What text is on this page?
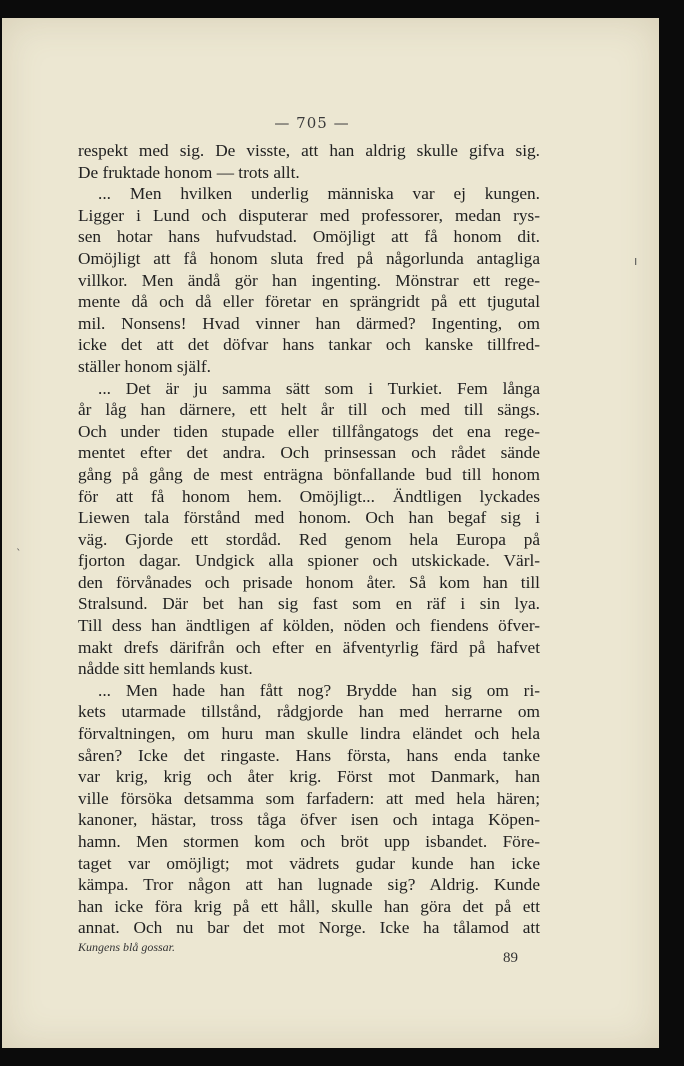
— 705 —
respekt med sig. De visste, att han aldrig skulle gifva sig.
De fruktade honom — trots allt.
... Men hvilken underlig människa var ej kungen.
Ligger i Lund och disputerar med professorer, medan rys-
sen hotar hans hufvudstad. Omöjligt att få honom dit.
Omöjligt att få honom sluta fred på någorlunda antagliga
villkor. Men ändå gör han ingenting. Mönstrar ett rege-
mente då och då eller företar en sprängridt på ett tjugutal
mil. Nonsens! Hvad vinner han därmed? Ingenting, om
icke det att det döfvar hans tankar och kanske tillfred-
ställer honom själf.
... Det är ju samma sätt som i Turkiet. Fem långa
år låg han därnere, ett helt år till och med till sängs.
Och under tiden stupade eller tillfångatogs det ena rege-
mentet efter det andra. Och prinsessan och rådet sände
gång på gång de mest enträgna bönfallande bud till honom
för att få honom hem. Omöjligt... Ändtligen lyckades
Liewen tala förstånd med honom. Och han begaf sig i
väg. Gjorde ett stordåd. Red genom hela Europa på
fjorton dagar. Undgick alla spioner och utskickade. Värl-
den förvånades och prisade honom åter. Så kom han till
Stralsund. Där bet han sig fast som en räf i sin lya.
Till dess han ändtligen af kölden, nöden och fiendens öfver-
makt drefs därifrån och efter en äfventyrlig färd på hafvet
nådde sitt hemlands kust.
... Men hade han fått nog? Brydde han sig om ri-
kets utarmade tillstånd, rådgjorde han med herrarne om
förvaltningen, om huru man skulle lindra eländet och hela
såren? Icke det ringaste. Hans första, hans enda tanke
var krig, krig och åter krig. Först mot Danmark, han
ville försöka detsamma som farfadern: att med hela hären;
kanoner, hästar, tross tåga öfver isen och intaga Köpen-
hamn. Men stormen kom och bröt upp isbandet. Före-
taget var omöjligt; mot vädrets gudar kunde han icke
kämpa. Tror någon att han lugnade sig? Aldrig. Kunde
han icke föra krig på ett håll, skulle han göra det på ett
annat. Och nu bar det mot Norge. Icke ha tålamod att
Kungens blå gossar.
89
ı
ˎ
